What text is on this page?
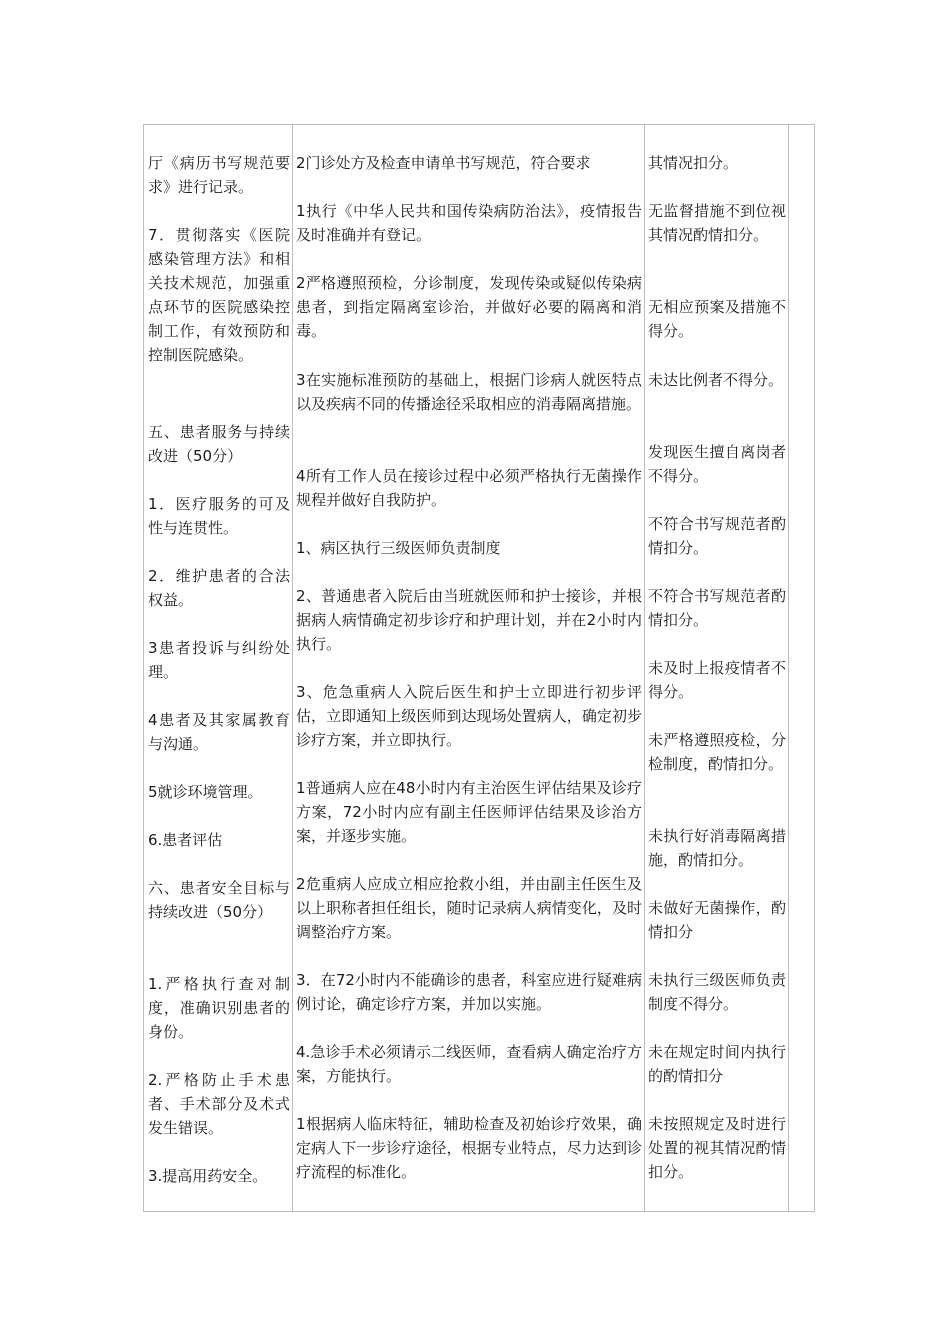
厅《病历书写规范要求》进行记录。

7．贯彻落实《医院感染管理方法》和相关技术规范，加强重点环节的医院感染控制工作，有效预防和控制医院感染。

五、患者服务与持续改进（50分）

1．医疗服务的可及性与连贯性。

2．维护患者的合法权益。

3患者投诉与纠纷处理。

4患者及其家属教育与沟通。

5就诊环境管理。

6.患者评估

六、患者安全目标与持续改进（50分）

1.严格执行查对制度，准确识别患者的身份。

2.严格防止手术患者、手术部分及术式发生错误。

3.提高用药安全。

2门诊处方及检查申请单书写规范，符合要求

1执行《中华人民共和国传染病防治法》，疫情报告及时准确并有登记。

2严格遵照预检，分诊制度，发现传染或疑似传染病患者，到指定隔离室诊治，并做好必要的隔离和消毒。

3在实施标准预防的基础上，根据门诊病人就医特点以及疾病不同的传播途径采取相应的消毒隔离措施。

4所有工作人员在接诊过程中必须严格执行无菌操作规程并做好自我防护。

1、病区执行三级医师负责制度

2、普通患者入院后由当班就医师和护士接诊，并根据病人病情确定初步诊疗和护理计划，并在2小时内执行。

3、危急重病人入院后医生和护士立即进行初步评估，立即通知上级医师到达现场处置病人，确定初步诊疗方案，并立即执行。

1普通病人应在48小时内有主治医生评估结果及诊疗方案，72小时内应有副主任医师评估结果及诊治方案，并逐步实施。

2危重病人应成立相应抢救小组，并由副主任医生及以上职称者担任组长，随时记录病人病情变化，及时调整治疗方案。

3．在72小时内不能确诊的患者，科室应进行疑难病例讨论，确定诊疗方案，并加以实施。

4.急诊手术必须请示二线医师，查看病人确定治疗方案，方能执行。

1根据病人临床特征，辅助检查及初始诊疗效果，确定病人下一步诊疗途径，根据专业特点，尽力达到诊疗流程的标准化。

其情况扣分。

无监督措施不到位视其情况酌情扣分。

无相应预案及措施不得分。

未达比例者不得分。

发现医生擅自离岗者不得分。

不符合书写规范者酌情扣分。

不符合书写规范者酌情扣分。

未及时上报疫情者不得分。

未严格遵照疫检，分检制度，酌情扣分。

未执行好消毒隔离措施，酌情扣分。

未做好无菌操作，酌情扣分

未执行三级医师负责制度不得分。

未在规定时间内执行的酌情扣分

未按照规定及时进行处置的视其情况酌情扣分。
